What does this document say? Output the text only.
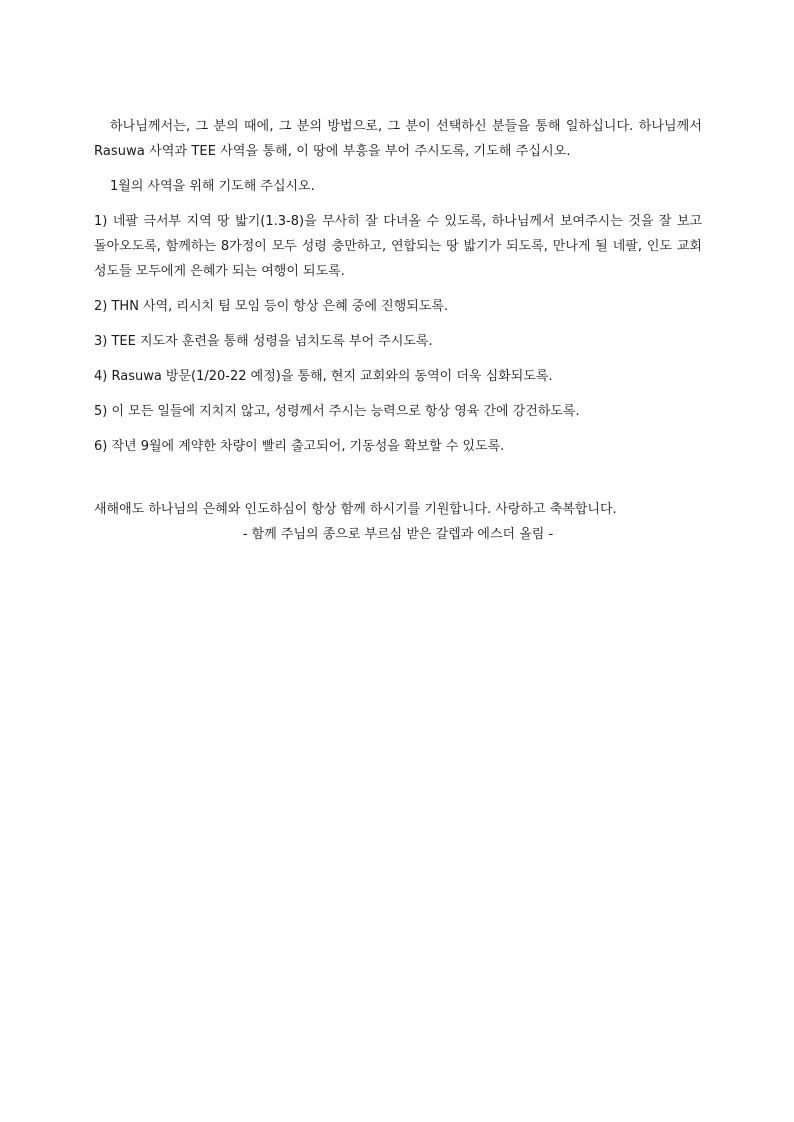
하나님께서는, 그 분의 때에, 그 분의 방법으로, 그 분이 선택하신 분들을 통해 일하십니다. 하나님께서 Rasuwa 사역과 TEE 사역을 통해, 이 땅에 부흥을 부어 주시도록, 기도해 주십시오.

1월의 사역을 위해 기도해 주십시오.

1) 네팔 극서부 지역 땅 밟기(1.3-8)을 무사히 잘 다녀올 수 있도록, 하나님께서 보여주시는 것을 잘 보고 돌아오도록, 함께하는 8가정이 모두 성령 충만하고, 연합되는 땅 밟기가 되도록, 만나게 될 네팔, 인도 교회 성도들 모두에게 은혜가 되는 여행이 되도록.

2) THN 사역, 리시치 팀 모임 등이 항상 은혜 중에 진행되도록.

3) TEE 지도자 훈련을 통해 성령을 넘치도록 부어 주시도록.

4) Rasuwa 방문(1/20-22 예정)을 통해, 현지 교회와의 동역이 더욱 심화되도록.

5) 이 모든 일들에 지치지 않고, 성령께서 주시는 능력으로 항상 영육 간에 강건하도록.

6) 작년 9월에 계약한 차량이 빨리 출고되어, 기동성을 확보할 수 있도록.

새해애도 하나님의 은혜와 인도하심이 항상 함께 하시기를 기원합니다. 사랑하고 축복합니다.

- 함께 주님의 종으로 부르심 받은 갈렙과 에스더 올림 -
